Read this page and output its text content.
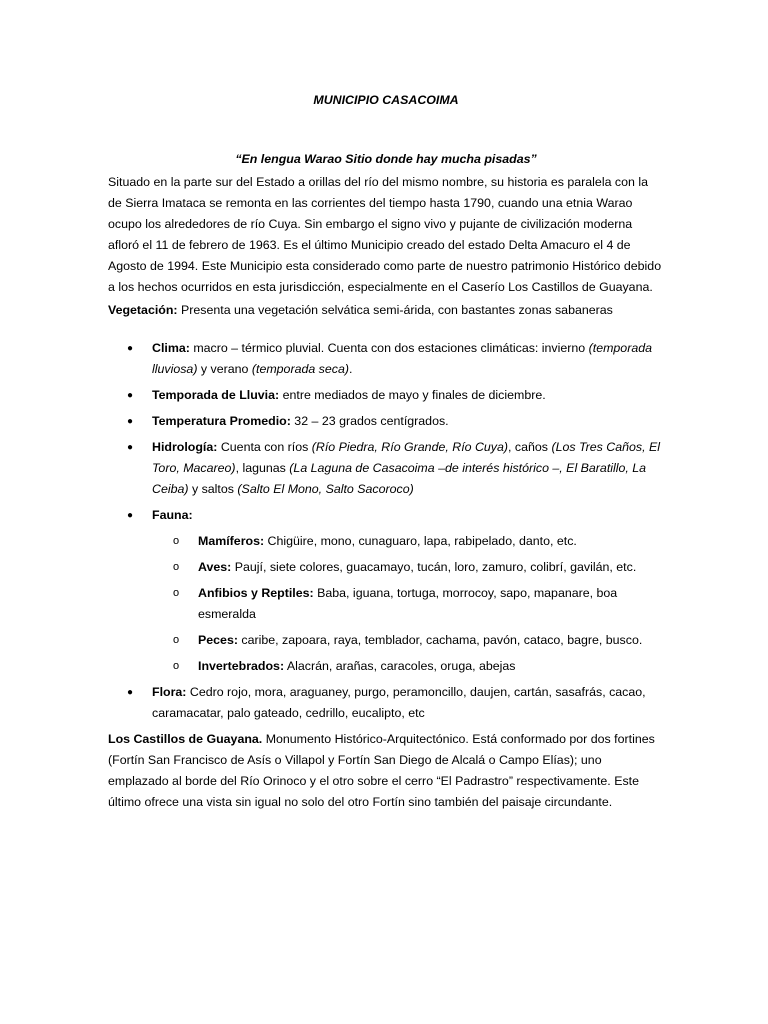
MUNICIPIO CASACOIMA

“En lengua Warao Sitio donde hay mucha pisadas”

Situado en la parte sur del Estado a orillas del río del mismo nombre, su historia es paralela con la de Sierra Imataca se remonta en las corrientes del tiempo hasta 1790, cuando una etnia Warao ocupo los alrededores de río Cuya. Sin embargo el signo vivo y pujante de civilización moderna afloró el 11 de febrero de 1963. Es el último Municipio creado del estado Delta Amacuro el 4 de Agosto de 1994. Este Municipio esta considerado como parte de nuestro patrimonio Histórico debido a los hechos ocurridos en esta jurisdicción, especialmente en el Caserío Los Castillos de Guayana.

Vegetación: Presenta una vegetación selvática semi-árida, con bastantes zonas sabaneras

● Clima: macro – térmico pluvial. Cuenta con dos estaciones climáticas: invierno (temporada lluviosa) y verano (temporada seca).
● Temporada de Lluvia: entre mediados de mayo y finales de diciembre.
● Temperatura Promedio: 32 – 23 grados centígrados.
● Hidrología: Cuenta con ríos (Río Piedra, Río Grande, Río Cuya), caños (Los Tres Caños, El Toro, Macareo), lagunas (La Laguna de Casacoima –de interés histórico –, El Baratillo, La Ceiba) y saltos (Salto El Mono, Salto Sacoroco)
● Fauna:
o Mamíferos: Chigüire, mono, cunaguaro, lapa, rabipelado, danto, etc.
o Aves: Paují, siete colores, guacamayo, tucán, loro, zamuro, colibrí, gavilán, etc.
o Anfibios y Reptiles: Baba, iguana, tortuga, morrocoy, sapo, mapanare, boa esmeralda
o Peces: caribe, zapoara, raya, temblador, cachama, pavón, cataco, bagre, busco.
o Invertebrados: Alacrán, arañas, caracoles, oruga, abejas
● Flora: Cedro rojo, mora, araguaney, purgo, peramoncillo, daujen, cartán, sasafrás, cacao, caramacatar, palo gateado, cedrillo, eucalipto, etc

Los Castillos de Guayana. Monumento Histórico-Arquitectónico. Está conformado por dos fortines (Fortín San Francisco de Asís o Villapol y Fortín San Diego de Alcalá o Campo Elías); uno emplazado al borde del Río Orinoco y el otro sobre el cerro “El Padrastro” respectivamente. Este último ofrece una vista sin igual no solo del otro Fortín sino también del paisaje circundante.
